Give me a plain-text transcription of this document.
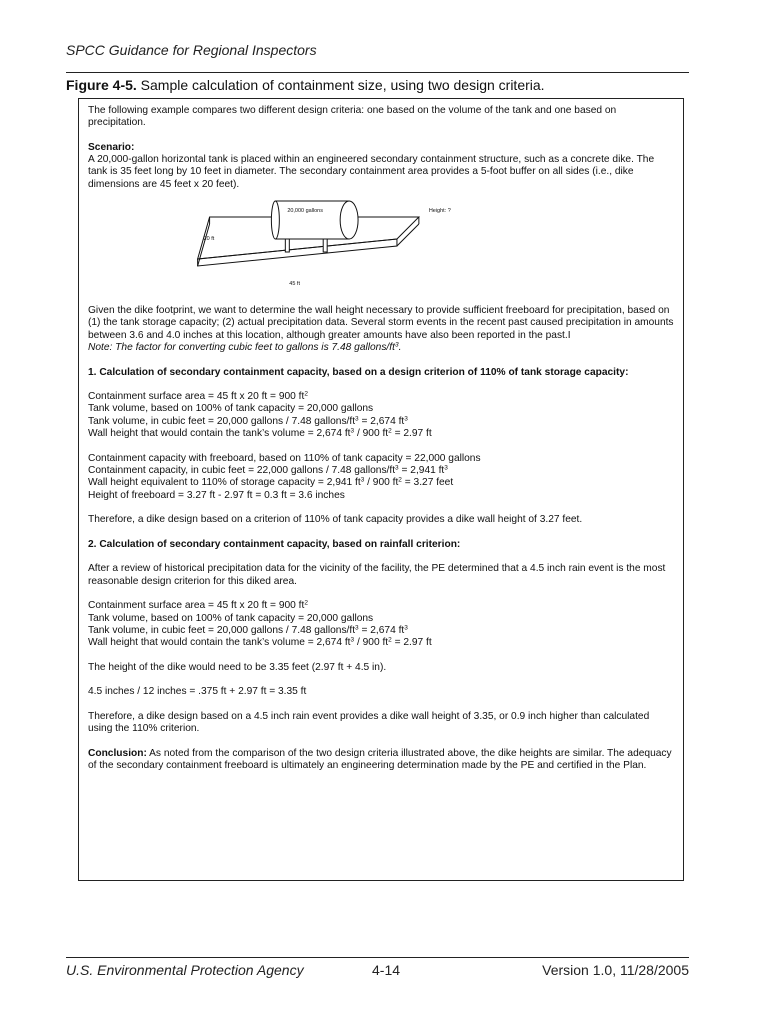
SPCC Guidance for Regional Inspectors
Figure 4-5. Sample calculation of containment size, using two design criteria.

The following example compares two different design criteria: one based on the volume of the tank and one based on precipitation.

Scenario:

A 20,000-gallon horizontal tank is placed within an engineered secondary containment structure, such as a concrete dike. The tank is 35 feet long by 10 feet in diameter. The secondary containment area provides a 5-foot buffer on all sides (i.e., dike dimensions are 45 feet x 20 feet).

20,000 gallons	Height: ?
20 ft
45 ft

Given the dike footprint, we want to determine the wall height necessary to provide sufficient freeboard for precipitation, based on (1) the tank storage capacity; (2) actual precipitation data. Several storm events in the recent past caused precipitation in amounts between 3.6 and 4.0 inches at this location, although greater amounts have also been reported in the past.I

Note: The factor for converting cubic feet to gallons is 7.48 gallons/$ft^3$.

1. Calculation of secondary containment capacity, based on a design criterion of 110% of tank storage capacity:

Containment surface area = 45 ft x 20 ft = 900 $ft^2$
Tank volume, based on 100% of tank capacity = 20,000 gallons
Tank volume, in cubic feet = 20,000 gallons / 7.48 gallons/$ft^3 = 2,674$ $ft^3$
Wall height that would contain the tank’s volume = 2,674 $ft^3 / 900$ $ft^2 = 2.97$ ft

Containment capacity with freeboard, based on 110% of tank capacity = 22,000 gallons
Containment capacity, in cubic feet = 22,000 gallons / 7.48 gallons/$ft^3 = 2,941$ $ft^3$
Wall height equivalent to 110% of storage capacity = 2,941 $ft^3 / 900$ $ft^2 = 3.27$ feet
Height of freeboard = 3.27 ft - 2.97 ft = 0.3 ft = 3.6 inches

Therefore, a dike design based on a criterion of 110% of tank capacity provides a dike wall height of 3.27 feet.

2. Calculation of secondary containment capacity, based on rainfall criterion:

After a review of historical precipitation data for the vicinity of the facility, the PE determined that a 4.5 inch rain event is the most reasonable design criterion for this diked area.

Containment surface area = 45 ft x 20 ft = 900 $ft^2$
Tank volume, based on 100% of tank capacity = 20,000 gallons
Tank volume, in cubic feet = 20,000 gallons / 7.48 gallons/$ft^3 = 2,674$ $ft^3$
Wall height that would contain the tank’s volume = 2,674 $ft^3 / 900$ $ft^2 = 2.97$ ft

The height of the dike would need to be 3.35 feet (2.97 ft + 4.5 in).

4.5 inches / 12 inches = .375 ft + 2.97 ft = 3.35 ft

Therefore, a dike design based on a 4.5 inch rain event provides a dike wall height of 3.35, or 0.9 inch higher than calculated using the 110% criterion.

Conclusion: As noted from the comparison of the two design criteria illustrated above, the dike heights are similar. The adequacy of the secondary containment freeboard is ultimately an engineering determination made by the PE and certified in the Plan.

U.S. Environmental Protection Agency	4-14	Version 1.0, 11/28/2005
